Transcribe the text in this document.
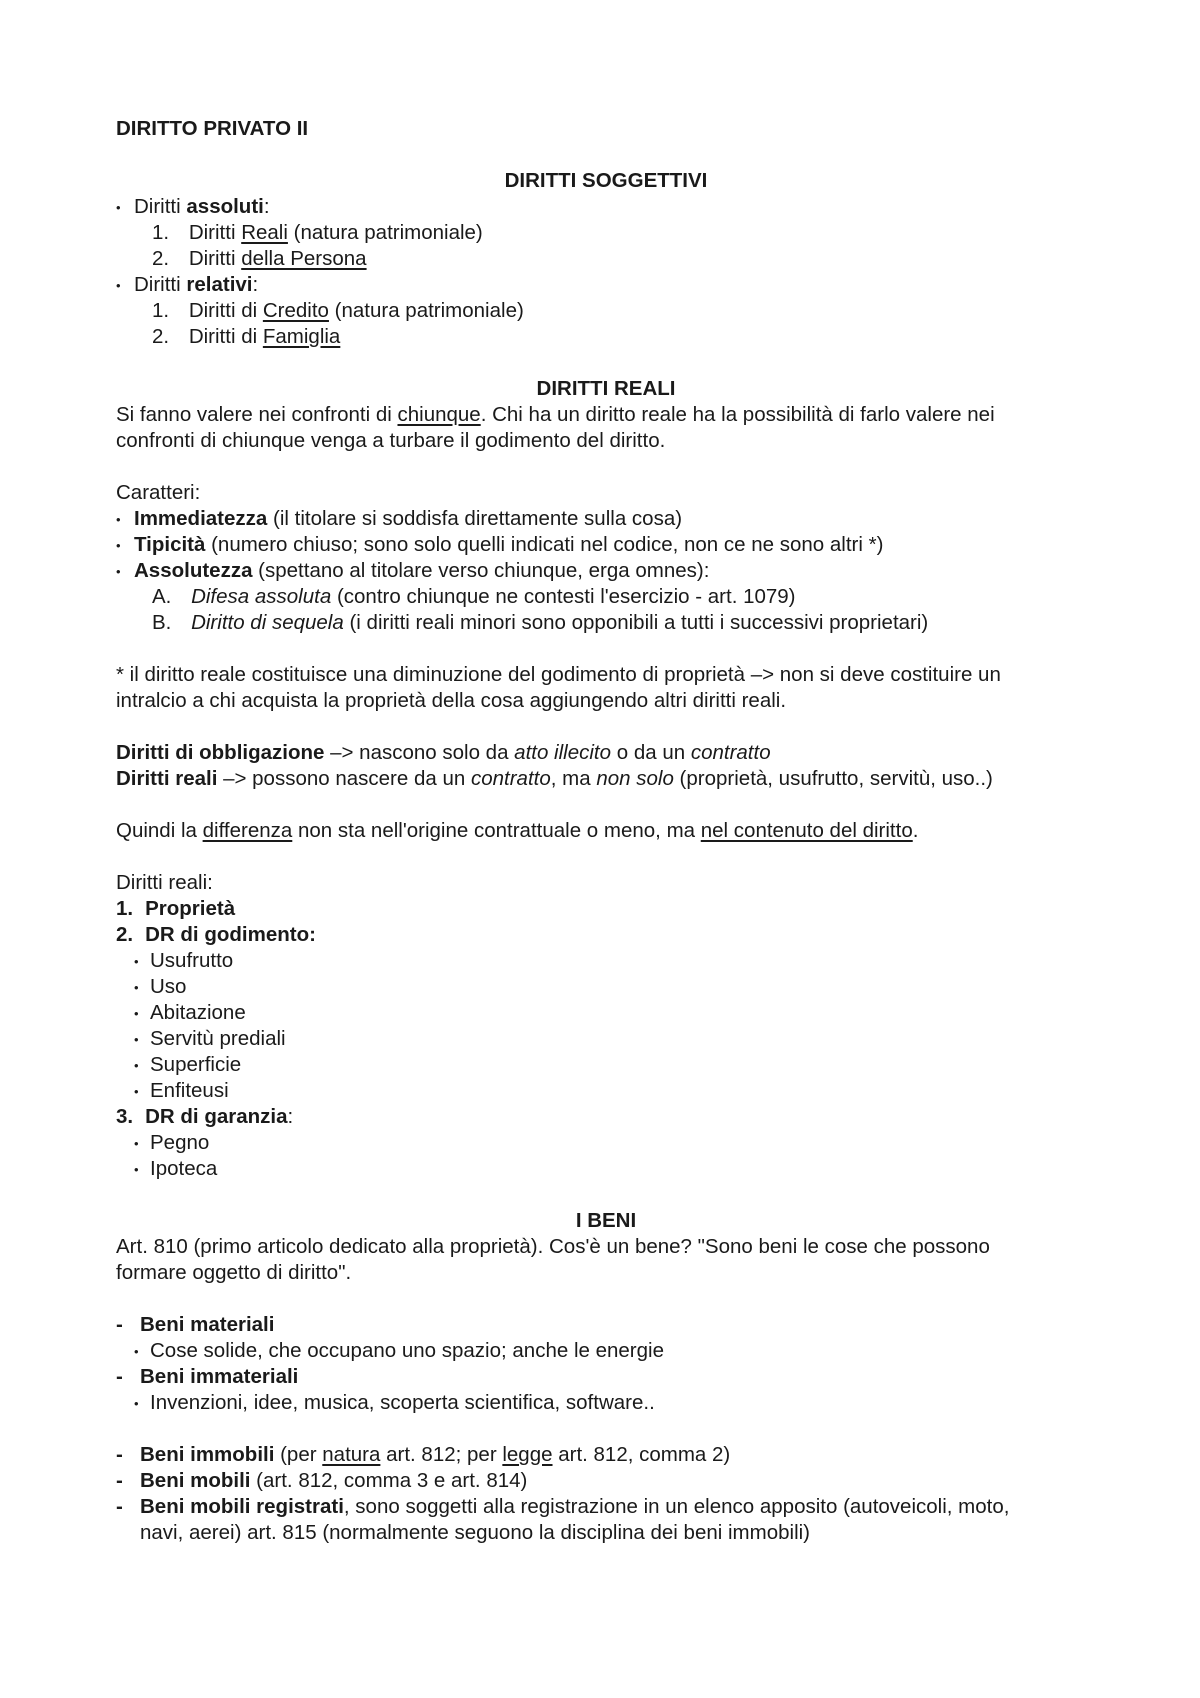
DIRITTO PRIVATO II
DIRITTI SOGGETTIVI
• Diritti assoluti:
1. Diritti Reali (natura patrimoniale)
2. Diritti della Persona
• Diritti relativi:
1. Diritti di Credito (natura patrimoniale)
2. Diritti di Famiglia
DIRITTI REALI
Si fanno valere nei confronti di chiunque. Chi ha un diritto reale ha la possibilità di farlo valere nei
confronti di chiunque venga a turbare il godimento del diritto.
Caratteri:
• Immediatezza (il titolare si soddisfa direttamente sulla cosa)
• Tipicità (numero chiuso; sono solo quelli indicati nel codice, non ce ne sono altri *)
• Assolutezza (spettano al titolare verso chiunque, erga omnes):
A. Difesa assoluta (contro chiunque ne contesti l'esercizio - art. 1079)
B. Diritto di sequela (i diritti reali minori sono opponibili a tutti i successivi proprietari)
* il diritto reale costituisce una diminuzione del godimento di proprietà –> non si deve costituire un
intralcio a chi acquista la proprietà della cosa aggiungendo altri diritti reali.
Diritti di obbligazione –> nascono solo da atto illecito o da un contratto
Diritti reali –> possono nascere da un contratto, ma non solo (proprietà, usufrutto, servitù, uso..)
Quindi la differenza non sta nell'origine contrattuale o meno, ma nel contenuto del diritto.
Diritti reali:
1. Proprietà
2. DR di godimento:
• Usufrutto
• Uso
• Abitazione
• Servitù prediali
• Superficie
• Enfiteusi
3. DR di garanzia:
• Pegno
• Ipoteca
I BENI
Art. 810 (primo articolo dedicato alla proprietà). Cos'è un bene? "Sono beni le cose che possono
formare oggetto di diritto".
- Beni materiali
• Cose solide, che occupano uno spazio; anche le energie
- Beni immateriali
• Invenzioni, idee, musica, scoperta scientifica, software..
- Beni immobili (per natura art. 812; per legge art. 812, comma 2)
- Beni mobili (art. 812, comma 3 e art. 814)
- Beni mobili registrati, sono soggetti alla registrazione in un elenco apposito (autoveicoli, moto,
navi, aerei) art. 815 (normalmente seguono la disciplina dei beni immobili)
